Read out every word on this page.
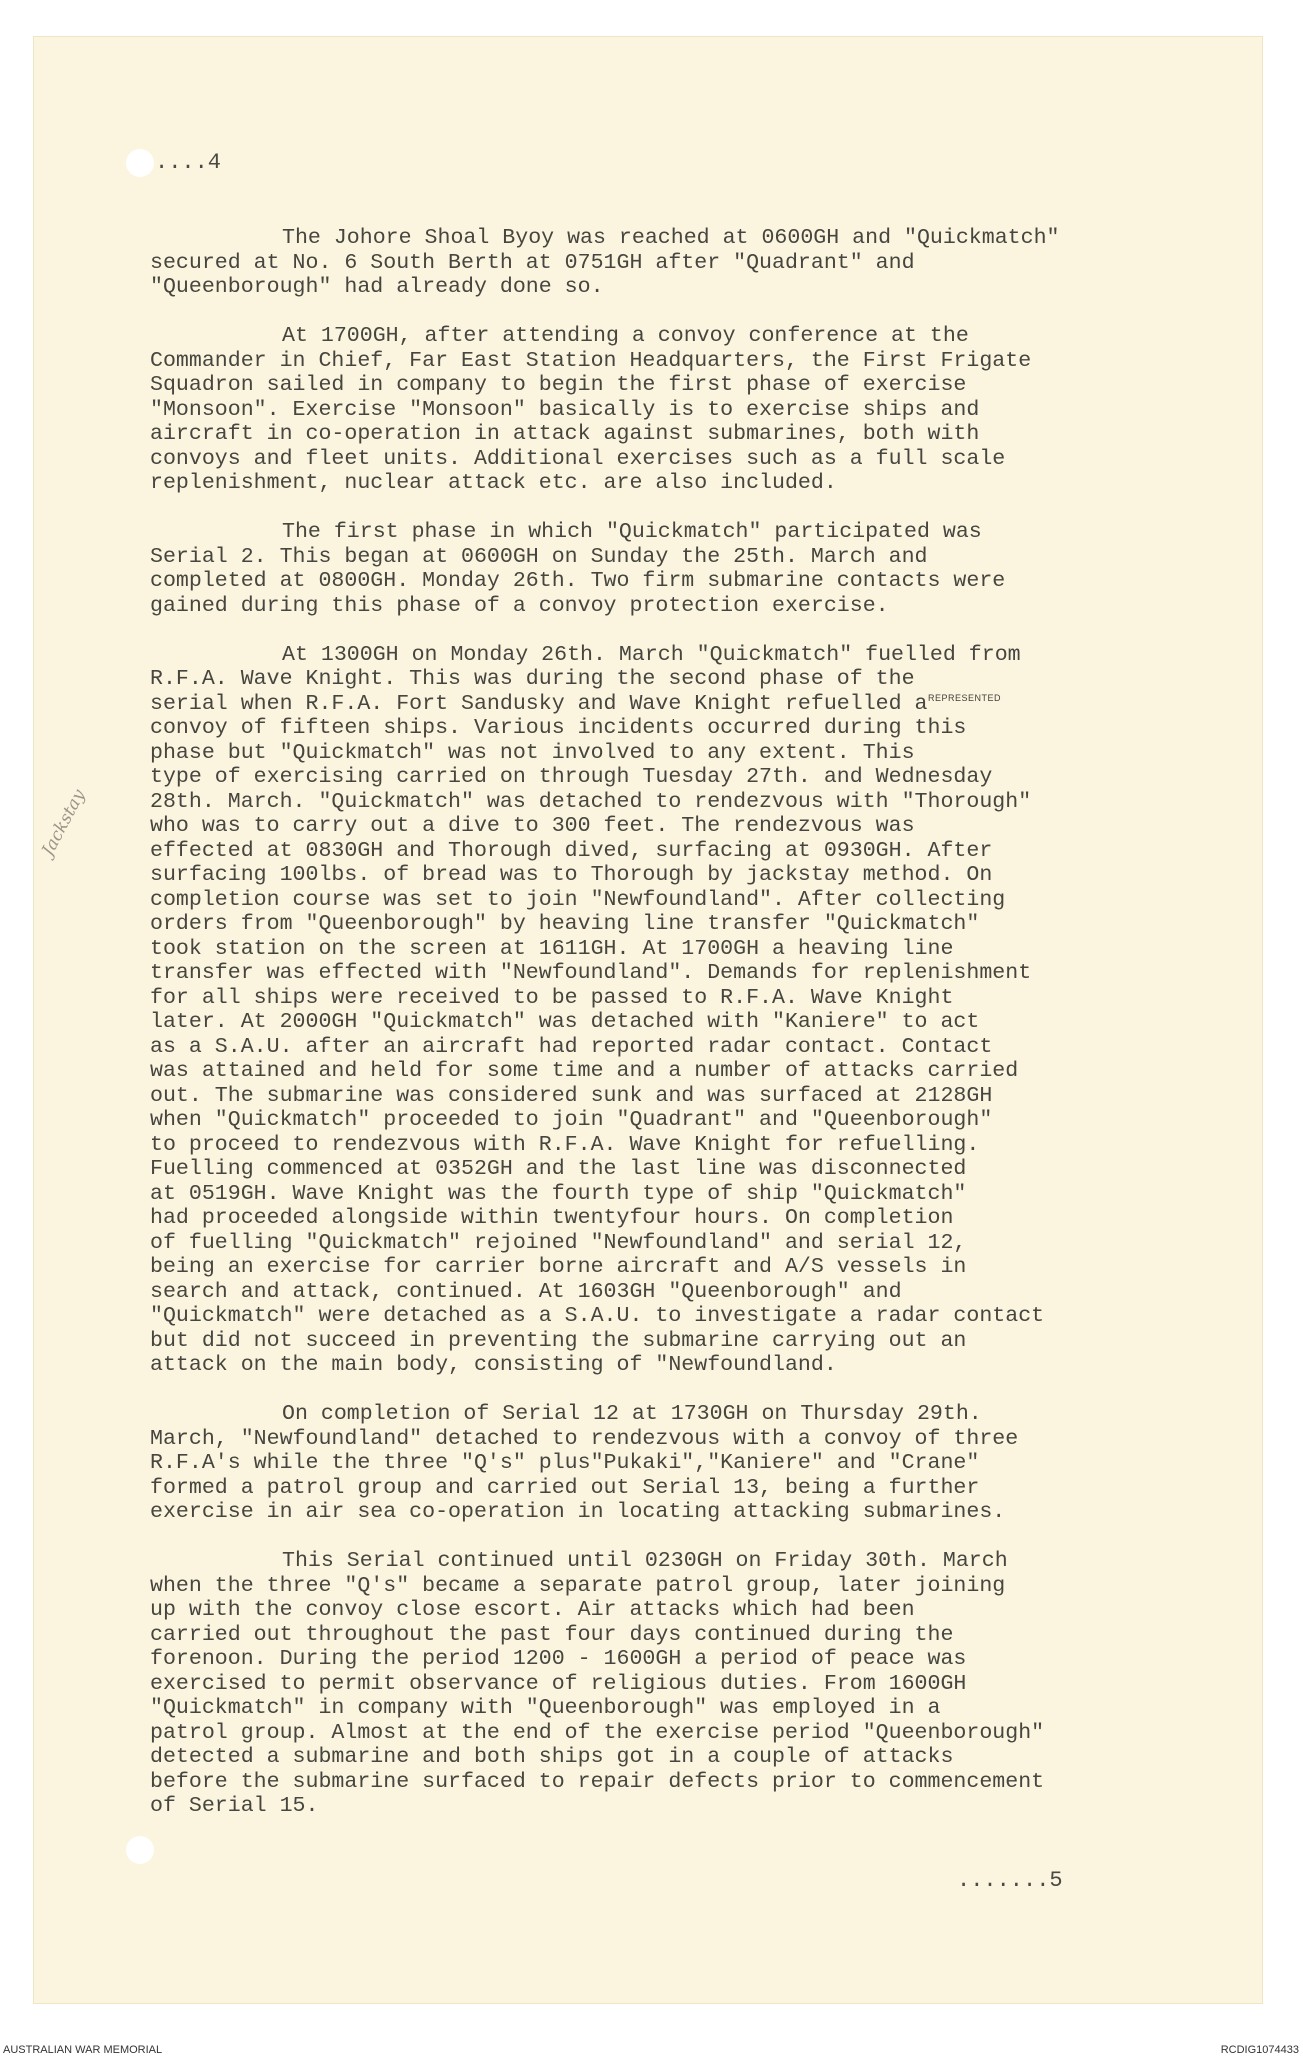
....4

The Johore Shoal Byoy was reached at 0600GH and "Quickmatch"
secured at No. 6 South Berth at 0751GH after "Quadrant" and
"Queenborough" had already done so.

At 1700GH, after attending a convoy conference at the
Commander in Chief, Far East Station Headquarters, the First Frigate
Squadron sailed in company to begin the first phase of exercise
"Monsoon". Exercise "Monsoon" basically is to exercise ships and
aircraft in co-operation in attack against submarines, both with
convoys and fleet units. Additional exercises such as a full scale
replenishment, nuclear attack etc. are also included.

The first phase in which "Quickmatch" participated was
Serial 2. This began at 0600GH on Sunday the 25th. March and
completed at 0800GH. Monday 26th. Two firm submarine contacts were
gained during this phase of a convoy protection exercise.

At 1300GH on Monday 26th. March "Quickmatch" fuelled from
R.F.A. Wave Knight. This was during the second phase of the
serial when R.F.A. Fort Sandusky and Wave Knight refuelled a
convoy of fifteen ships. Various incidents occurred during this
phase but "Quickmatch" was not involved to any extent. This
type of exercising carried on through Tuesday 27th. and Wednesday
28th. March. "Quickmatch" was detached to rendezvous with "Thorough"
who was to carry out a dive to 300 feet. The rendezvous was
effected at 0830GH and Thorough dived, surfacing at 0930GH. After
surfacing 100lbs. of bread was to Thorough by jackstay method. On
completion course was set to join "Newfoundland". After collecting
orders from "Queenborough" by heaving line transfer "Quickmatch"
took station on the screen at 1611GH. At 1700GH a heaving line
transfer was effected with "Newfoundland". Demands for replenishment
for all ships were received to be passed to R.F.A. Wave Knight
later. At 2000GH "Quickmatch" was detached with "Kaniere" to act
as a S.A.U. after an aircraft had reported radar contact. Contact
was attained and held for some time and a number of attacks carried
out. The submarine was considered sunk and was surfaced at 2128GH
when "Quickmatch" proceeded to join "Quadrant" and "Queenborough"
to proceed to rendezvous with R.F.A. Wave Knight for refuelling.
Fuelling commenced at 0352GH and the last line was disconnected
at 0519GH. Wave Knight was the fourth type of ship "Quickmatch"
had proceeded alongside within twentyfour hours. On completion
of fuelling "Quickmatch" rejoined "Newfoundland" and serial 12,
being an exercise for carrier borne aircraft and A/S vessels in
search and attack, continued. At 1603GH "Queenborough" and
"Quickmatch" were detached as a S.A.U. to investigate a radar contact
but did not succeed in preventing the submarine carrying out an
attack on the main body, consisting of "Newfoundland.

On completion of Serial 12 at 1730GH on Thursday 29th.
March, "Newfoundland" detached to rendezvous with a convoy of three
R.F.A's while the three "Q's" plus"Pukaki","Kaniere" and "Crane"
formed a patrol group and carried out Serial 13, being a further
exercise in air sea co-operation in locating attacking submarines.

This Serial continued until 0230GH on Friday 30th. March
when the three "Q's" became a separate patrol group, later joining
up with the convoy close escort. Air attacks which had been
carried out throughout the past four days continued during the
forenoon. During the period 1200 - 1600GH a period of peace was
exercised to permit observance of religious duties. From 1600GH
"Quickmatch" in company with "Queenborough" was employed in a
patrol group. Almost at the end of the exercise period "Queenborough"
detected a submarine and both ships got in a couple of attacks
before the submarine surfaced to repair defects prior to commencement
of Serial 15.

REPRESENTED
Jackstay
.......5
AUSTRALIAN WAR MEMORIAL	RCDIG1074433
